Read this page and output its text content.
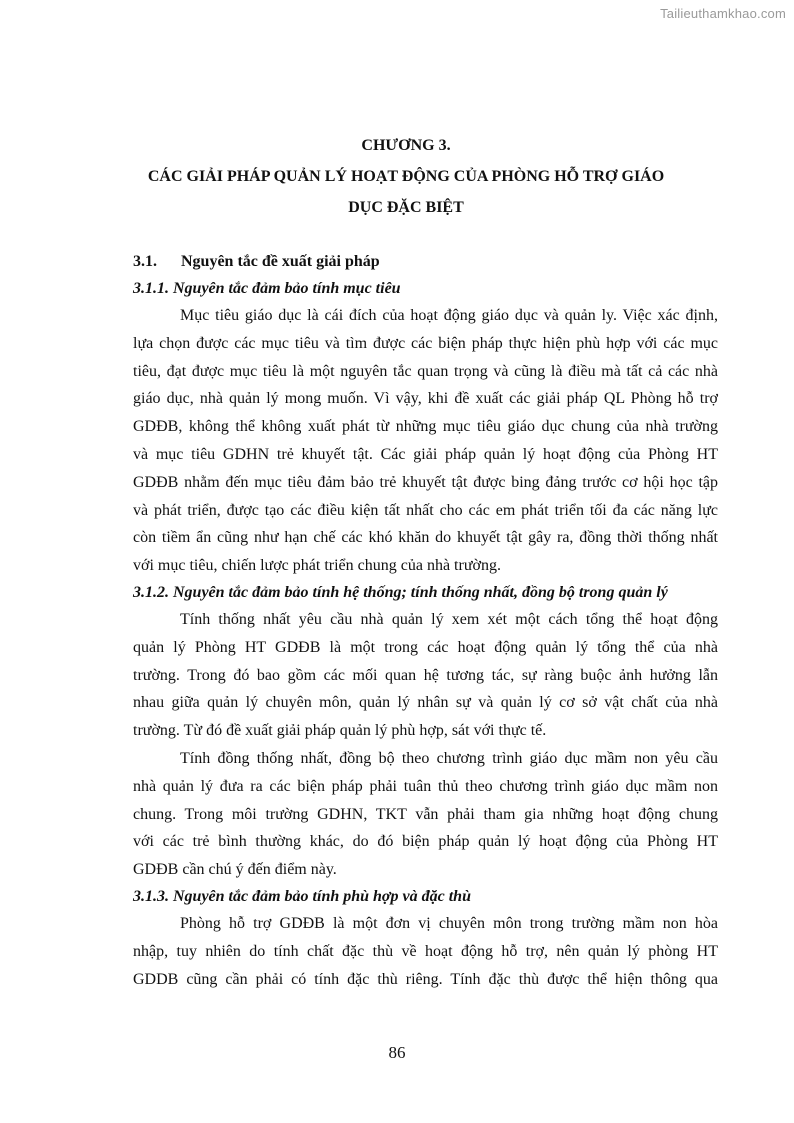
Tailieuthamkhao.com
CHƯƠNG 3.
CÁC GIẢI PHÁP QUẢN LÝ HOẠT ĐỘNG CỦA PHÒNG HỖ TRỢ GIÁO
DỤC ĐẶC BIỆT
3.1.	Nguyên tắc đề xuất giải pháp
3.1.1. Nguyên tắc đảm bảo tính mục tiêu
Mục tiêu giáo dục là cái đích của hoạt động giáo dục và quản ly. Việc xác định,
lựa chọn được các mục tiêu và tìm được các biện pháp thực hiện phù hợp với các mục
tiêu, đạt được mục tiêu là một nguyên tắc quan trọng và cũng là điều mà tất cả các nhà
giáo dục, nhà quản lý mong muốn. Vì vậy, khi đề xuất các giải pháp QL Phòng hỗ trợ
GDĐB, không thể không xuất phát từ những mục tiêu giáo dục chung của nhà trường
và mục tiêu GDHN trẻ khuyết tật. Các giải pháp quản lý hoạt động của Phòng HT
GDĐB nhằm đến mục tiêu đảm bảo trẻ khuyết tật được bing đảng trước cơ hội học tập
và phát triển, được tạo các điều kiện tất nhất cho các em phát triển tối đa các năng lực
còn tiềm ẩn cũng như hạn chế các khó khăn do khuyết tật gây ra, đồng thời thống nhất
với mục tiêu, chiến lược phát triển chung của nhà trường.
3.1.2. Nguyên tắc đảm bảo tính hệ thống; tính thống nhất, đồng bộ trong quản lý
Tính thống nhất yêu cầu nhà quản lý xem xét một cách tổng thể hoạt động
quản lý Phòng HT GDĐB là một trong các hoạt động quản lý tổng thể của nhà
trường. Trong đó bao gồm các mối quan hệ tương tác, sự ràng buộc ảnh hưởng lẫn
nhau giữa quản lý chuyên môn, quản lý nhân sự và quản lý cơ sở vật chất của nhà
trường. Từ đó đề xuất giải pháp quản lý phù hợp, sát với thực tế.
Tính đồng thống nhất, đồng bộ theo chương trình giáo dục mầm non yêu cầu
nhà quản lý đưa ra các biện pháp phải tuân thủ theo chương trình giáo dục mầm non
chung. Trong môi trường GDHN, TKT vẫn phải tham gia những hoạt động chung
với các trẻ bình thường khác, do đó biện pháp quản lý hoạt động của Phòng HT
GDĐB cần chú ý đến điểm này.
3.1.3. Nguyên tắc đảm bảo tính phù hợp và đặc thù
Phòng hỗ trợ GDĐB là một đơn vị chuyên môn trong trường mầm non hòa
nhập, tuy nhiên do tính chất đặc thù về hoạt động hỗ trợ, nên quản lý phòng HT
GDDB cũng cần phải có tính đặc thù riêng. Tính đặc thù được thể hiện thông qua
86
